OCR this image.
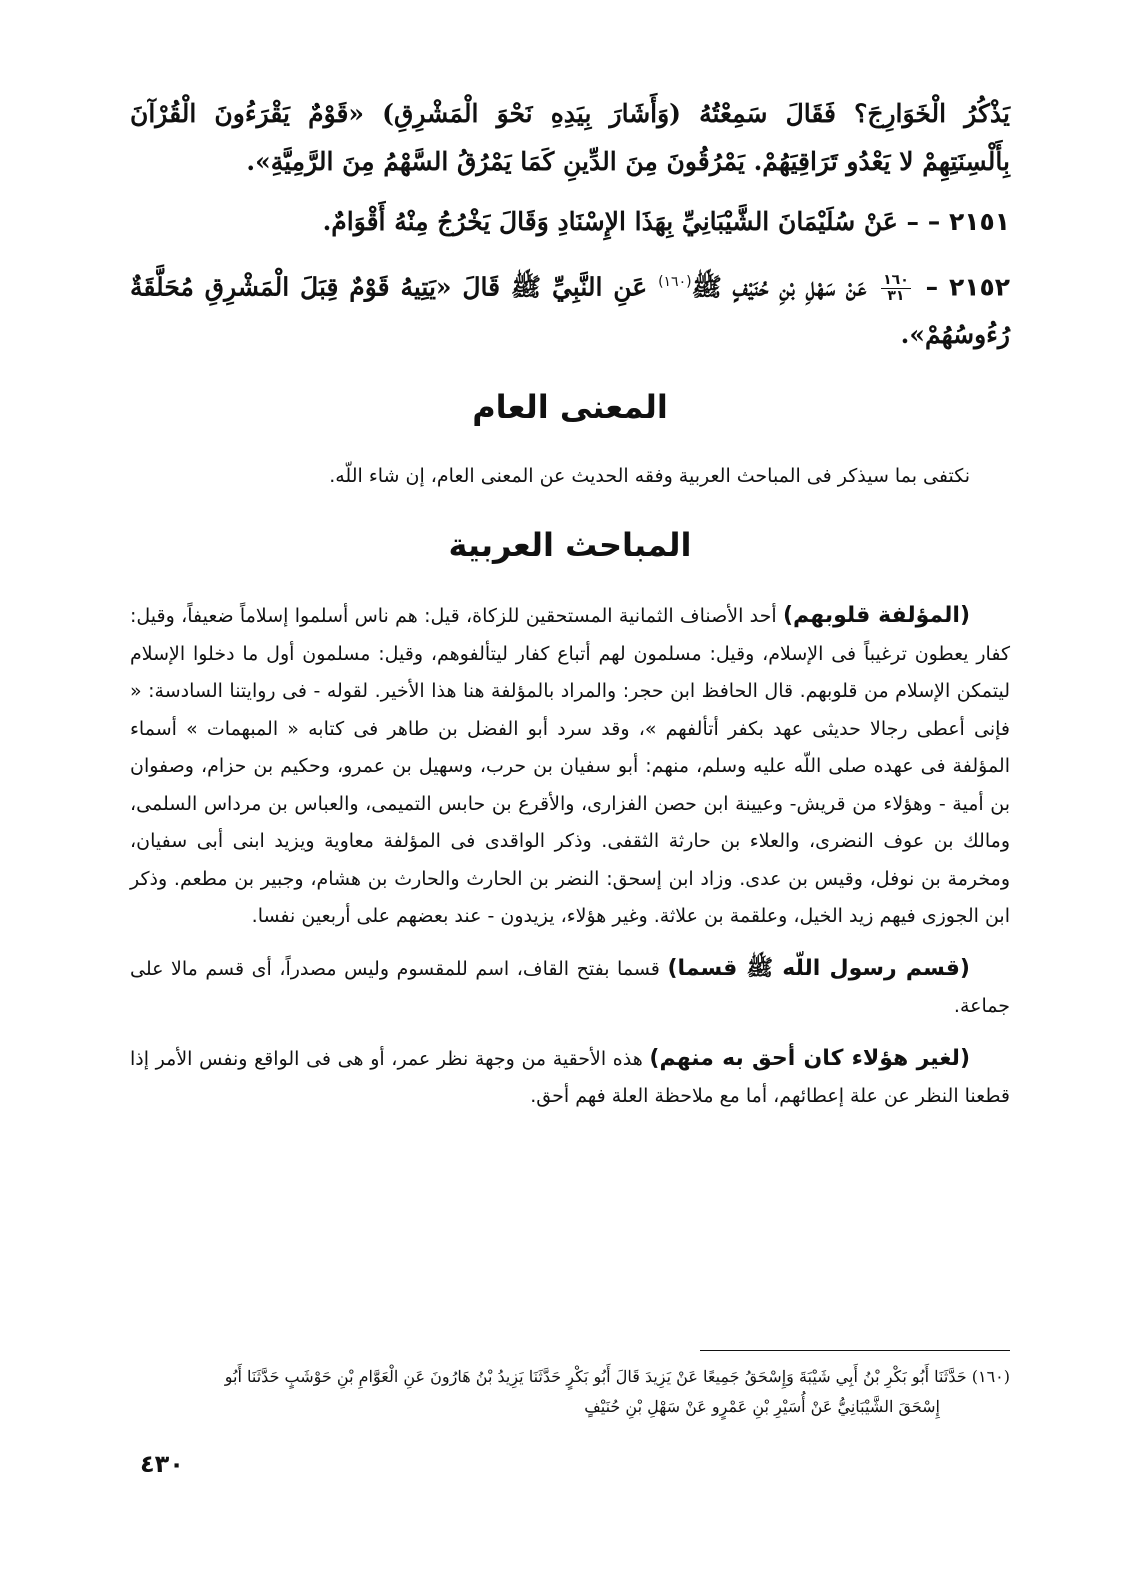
يَذْكُرُ الْخَوَارِجَ؟ فَقَالَ سَمِعْتُهُ (وَأَشَارَ بِيَدِهِ نَحْوَ الْمَشْرِقِ) «قَوْمٌ يَقْرَءُونَ الْقُرْآنَ بِأَلْسِنَتِهِمْ لا يَعْدُو تَرَاقِيَهُمْ. يَمْرُقُونَ مِنَ الدِّينِ كَمَا يَمْرُقُ السَّهْمُ مِنَ الرَّمِيَّةِ».

٢١٥١ – – عَنْ سُلَيْمَانَ الشَّيْبَانِيِّ بِهَذَا الإِسْنَادِ وَقَالَ يَخْرُجُ مِنْهُ أَقْوَامٌ.

٢١٥٢ –
$\frac{١٦٠}{٣١}$
عَنْ سَهْلِ بْنِ حُنَيْفٍ ﷺ$^{(١٦٠)}$ عَنِ النَّبِيِّ ﷺ قَالَ «يَتِيهُ قَوْمٌ قِبَلَ الْمَشْرِقِ مُحَلَّقَةٌ رُءُوسُهُمْ».

المعنى العام

نكتفى بما سيذكر فى المباحث العربية وفقه الحديث عن المعنى العام، إن شاء اللّه.

المباحث العربية

(المؤلفة قلوبهم) أحد الأصناف الثمانية المستحقين للزكاة، قيل: هم ناس أسلموا إسلاماً ضعيفاً، وقيل: كفار يعطون ترغيباً فى الإسلام، وقيل: مسلمون لهم أتباع كفار ليتألفوهم، وقيل: مسلمون أول ما دخلوا الإسلام ليتمكن الإسلام من قلوبهم. قال الحافظ ابن حجر: والمراد بالمؤلفة هنا هذا الأخير. لقوله - فى روايتنا السادسة: « فإنى أعطى رجالا حديثى عهد بكفر أتألفهم »، وقد سرد أبو الفضل بن طاهر فى كتابه « المبهمات » أسماء المؤلفة فى عهده صلى اللّه عليه وسلم، منهم: أبو سفيان بن حرب، وسهيل بن عمرو، وحكيم بن حزام، وصفوان بن أمية - وهؤلاء من قريش- وعيينة ابن حصن الفزارى، والأقرع بن حابس التميمى، والعباس بن مرداس السلمى، ومالك بن عوف النضرى، والعلاء بن حارثة الثقفى. وذكر الواقدى فى المؤلفة معاوية ويزيد ابنى أبى سفيان، ومخرمة بن نوفل، وقيس بن عدى. وزاد ابن إسحق: النضر بن الحارث والحارث بن هشام، وجبير بن مطعم. وذكر ابن الجوزى فيهم زيد الخيل، وعلقمة بن علاثة. وغير هؤلاء، يزيدون - عند بعضهم على أربعين نفسا.

(قسم رسول اللّه ﷺ قسما) قسما بفتح القاف، اسم للمقسوم وليس مصدراً، أى قسم مالا على جماعة.

(لغير هؤلاء كان أحق به منهم) هذه الأحقية من وجهة نظر عمر، أو هى فى الواقع ونفس الأمر إذا قطعنا النظر عن علة إعطائهم، أما مع ملاحظة العلة فهم أحق.

(١٦٠) حَدَّثَنَا أَبُو بَكْرِ بْنُ أَبِي شَيْبَةَ وَإِسْحَقُ جَمِيعًا عَنْ يَزِيدَ قَالَ أَبُو بَكْرٍ حَدَّثَنَا يَزِيدُ بْنُ هَارُونَ عَنِ الْعَوَّامِ بْنِ حَوْشَبٍ حَدَّثَنَا أَبُو
إِسْحَقَ الشَّيْبَانِيُّ عَنْ أُسَيْرِ بْنِ عَمْرٍو عَنْ سَهْلِ بْنِ حُنَيْفٍ
٤٣٠
